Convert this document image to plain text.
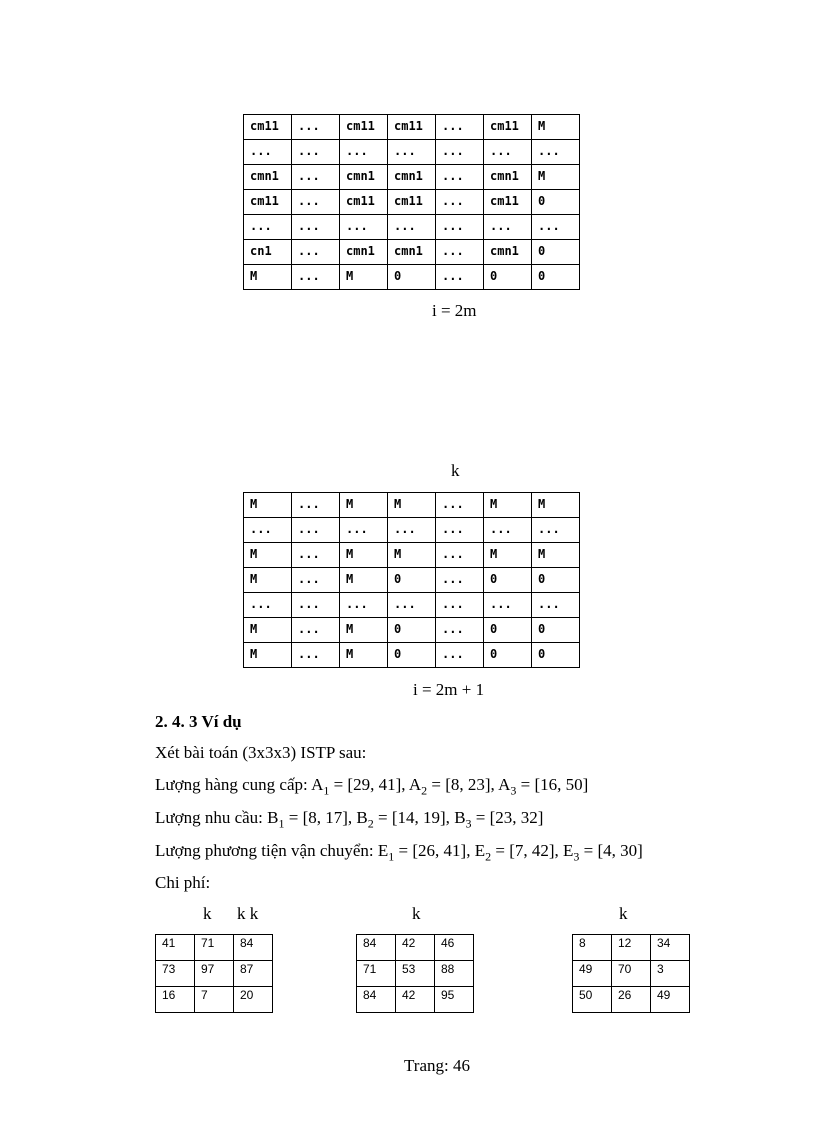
cm11	...	cm11	cm11	...	cm11	M
...	...	...	...	...	...	...
cmn1	...	cmn1	cmn1	...	cmn1	M
cm11	...	cm11	cm11	...	cm11	0
...	...	...	...	...	...	...
cn1	...	cmn1	cmn1	...	cmn1	0
M	...	M	0	...	0	0
i = 2m
k
M	...	M	M	...	M	M
...	...	...	...	...	...	...
M	...	M	M	...	M	M
M	...	M	0	...	0	0
...	...	...	...	...	...	...
M	...	M	0	...	0	0
M	...	M	0	...	0	0
i = 2m + 1
2. 4. 3 Ví dụ
Xét bài toán (3x3x3) ISTP sau:
Lượng hàng cung cấp: $A_1 = [29$, 41], $A_2 = [8$, 23], $A_3 = [16$, 50]
Lượng nhu cầu: $B_1 = [8$, 17], $B_2 = [14$, 19], $B_3 = [23$, 32]
Lượng phương tiện vận chuyển: $E_1 = [26$, 41], $E_2 = [7$, 42], $E_3 = [4$, 30]
Chi phí:
k k k
41	71	84
73	97	87
16	7	20
k
84	42	46
71	53	88
84	42	95
k
8	12	34
49	70	3
50	26	49
Trang: 46
